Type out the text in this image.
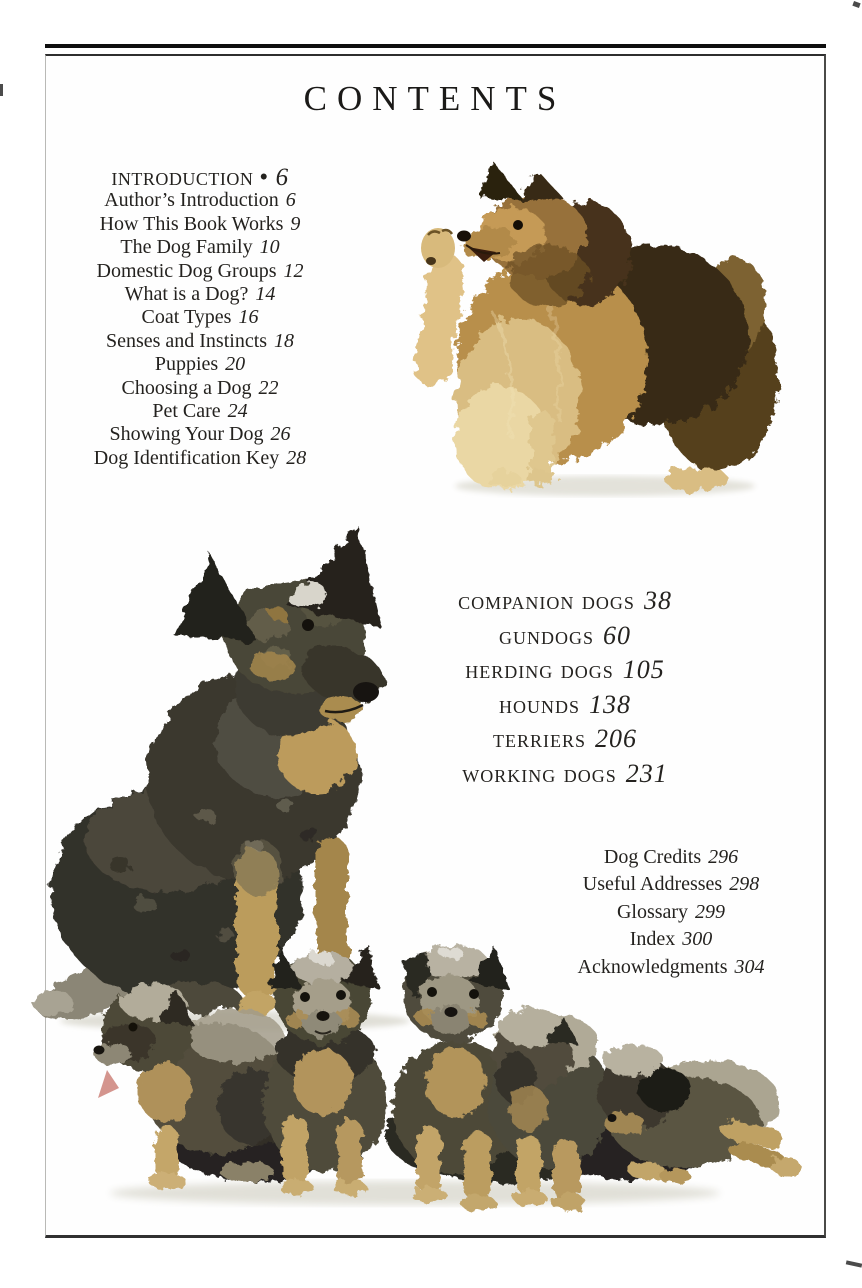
contents
introduction • 6
Author’s Introduction 6
How This Book Works 9
The Dog Family 10
Domestic Dog Groups 12
What is a Dog? 14
Coat Types 16
Senses and Instincts 18
Puppies 20
Choosing a Dog 22
Pet Care 24
Showing Your Dog 26
Dog Identification Key 28
companion dogs 38
gundogs 60
herding dogs 105
hounds 138
terriers 206
working dogs 231
Dog Credits 296
Useful Addresses 298
Glossary 299
Index 300
Acknowledgments 304
